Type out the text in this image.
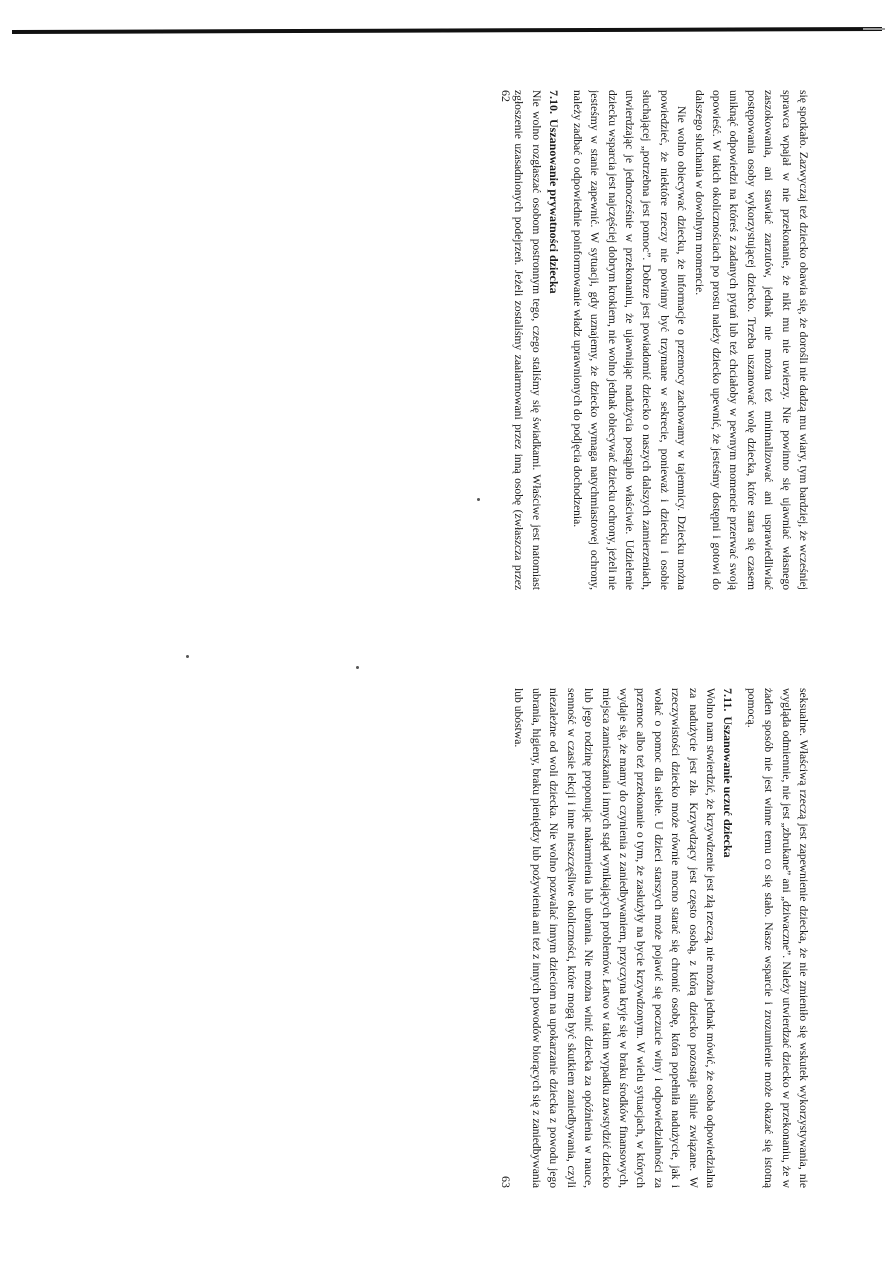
się spotkało. Zazwyczaj też dziecko obawia się, że dorośli nie dadzą mu wiary, tym bardziej, że wcześniej sprawca wpajał w nie przekonanie, że nikt mu nie uwierzy. Nie powinno się ujawniać własnego zaszokowania, ani stawiać zarzutów, jednak nie można też minimalizować ani usprawiedliwiać postępowania osoby wykorzystującej dziecko. Trzeba uszanować wolę dziecka, które stara się czasem uniknąć odpowiedzi na któreś z zadanych pytań lub też chciałoby w pewnym momencie przerwać swoją opowieść. W takich okolicznościach po prostu należy dziecko upewnić, że jesteśmy dostępni i gotowi do dalszego słuchania w dowolnym momencie.

Nie wolno obiecywać dziecku, że informacje o przemocy zachowamy w tajemnicy. Dziecku można powiedzieć, że niektóre rzeczy nie powinny być trzymane w sekrecie, ponieważ i dziecku i osobie słuchającej „potrzebna jest pomoc”. Dobrze jest powiadomić dziecko o naszych dalszych zamierzeniach, utwierdzając je jednocześnie w przekonaniu, że ujawniając nadużycia postąpiło właściwie. Udzielenie dziecku wsparcia jest najczęściej dobrym krokiem, nie wolno jednak obiecywać dziecku ochrony, jeżeli nie jesteśmy w stanie zapewnić. W sytuacji, gdy uznajemy, że dziecko wymaga natychmiastowej ochrony, należy zadbać o odpowiednie poinformowanie władz uprawnionych do podjęcia dochodzenia.

7.10.Uszanowanie prywatności dziecka

Nie wolno rozgłaszać osobom postronnym tego, czego staliśmy się świadkami. Właściwe jest natomiast zgłoszenie uzasadnionych podejrzeń. Jeżeli zostaliśmy zaalarmowani przez inną osobę (zwłaszcza przez

62

seksualne. Właściwą rzeczą jest zapewnienie dziecka, że nie zmieniło się wskutek wykorzystywania, nie wygląda odmiennie, nie jest „zbrukane” ani „dziwaczne”. Należy utwierdzać dziecko w przekonaniu, że w żaden sposób nie jest winne temu co się stało. Nasze wsparcie i zrozumienie może okazać się istotną pomocą.

7.11.Uszanowanie uczuć dziecka

Wolno nam stwierdzić, że krzywdzenie jest złą rzeczą, nie można jednak mówić, że osoba odpowiedzialna za nadużycie jest zła. Krzywdzący jest często osobą, z którą dziecko pozostaje silnie związane. W rzeczywistości dziecko może równie mocno starać się chronić osobę, która popełniła nadużycie, jak i wołać o pomoc dla siebie. U dzieci starszych może pojawić się poczucie winy i odpowiedzialności za przemoc albo też przekonanie o tym, że zasłużyły na bycie krzywdzonym. W wielu sytuacjach, w których wydaje się, że mamy do czynienia z zaniedbywaniem, przyczyna kryje się w braku środków finansowych, miejsca zamieszkania i innych stąd wynikających problemów. Łatwo w takim wypadku zawstydzić dziecko lub jego rodzinę proponując nakarmienia lub ubrania. Nie można winić dziecka za opóźnienia w nauce, senność w czasie lekcji i inne nieszczęśliwe okoliczności, które mogą być skutkiem zaniedbywania, czyli niezależne od woli dziecka. Nie wolno pozwalać innym dzieciom na upokarzanie dziecka z powodu jego ubrania, higieny, braku pieniędzy lub pożywienia ani też z innych powodów biorących się z zaniedbywania lub ubóstwa.

63
